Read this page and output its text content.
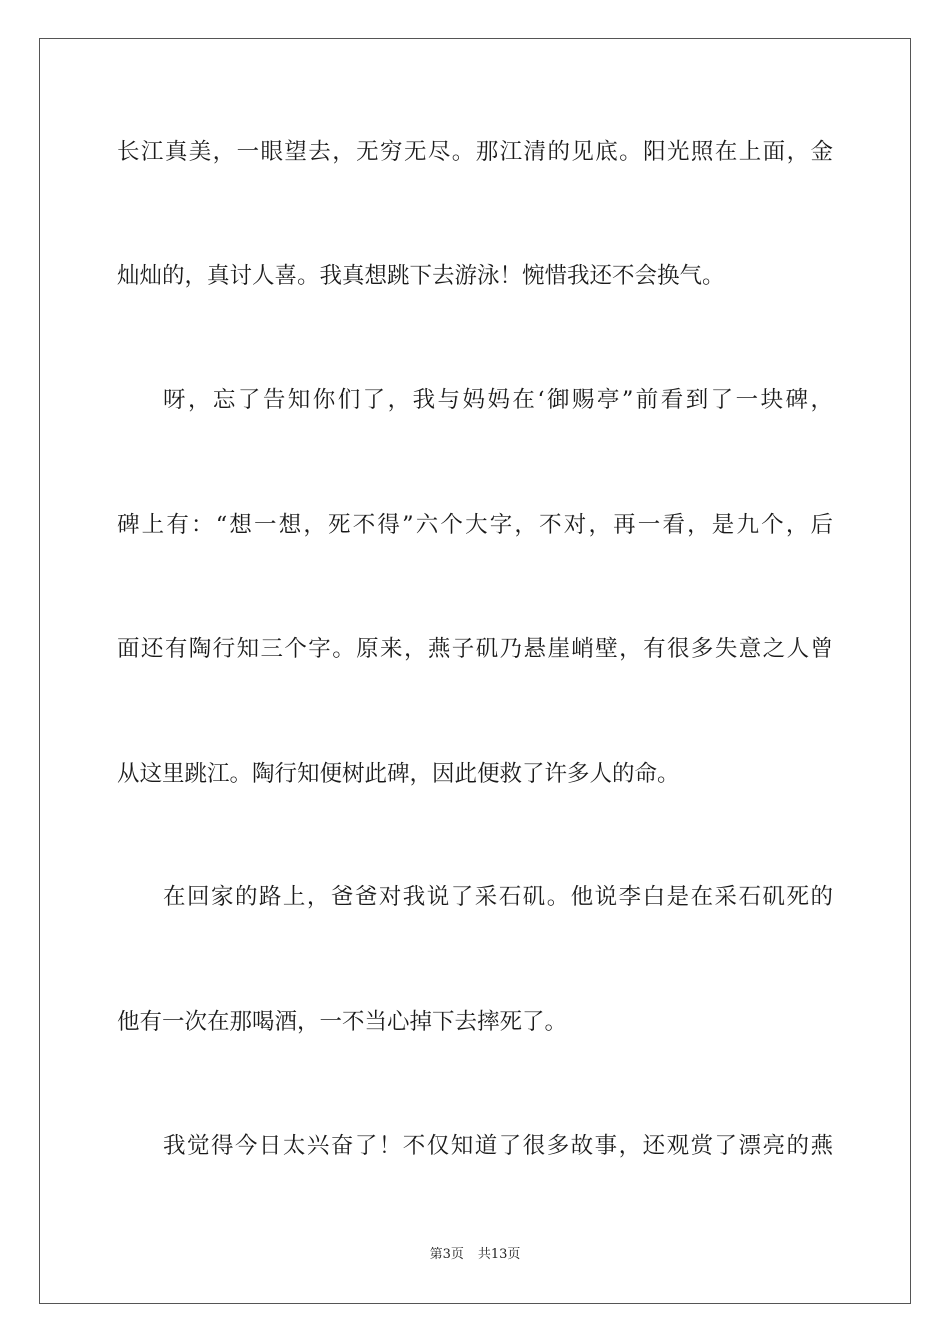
长江真美，一眼望去，无穷无尽。那江清的见底。阳光照在上面，金
灿灿的，真讨人喜。我真想跳下去游泳！惋惜我还不会换气。
呀，忘了告知你们了，我与妈妈在‘御赐亭”前看到了一块碑，
碑上有：“想一想，死不得”六个大字，不对，再一看，是九个，后
面还有陶行知三个字。原来，燕子矶乃悬崖峭壁，有很多失意之人曾
从这里跳江。陶行知便树此碑，因此便救了许多人的命。
在回家的路上，爸爸对我说了采石矶。他说李白是在采石矶死的
他有一次在那喝酒，一不当心掉下去摔死了。
我觉得今日太兴奋了！不仅知道了很多故事，还观赏了漂亮的燕
第3页 共13页
